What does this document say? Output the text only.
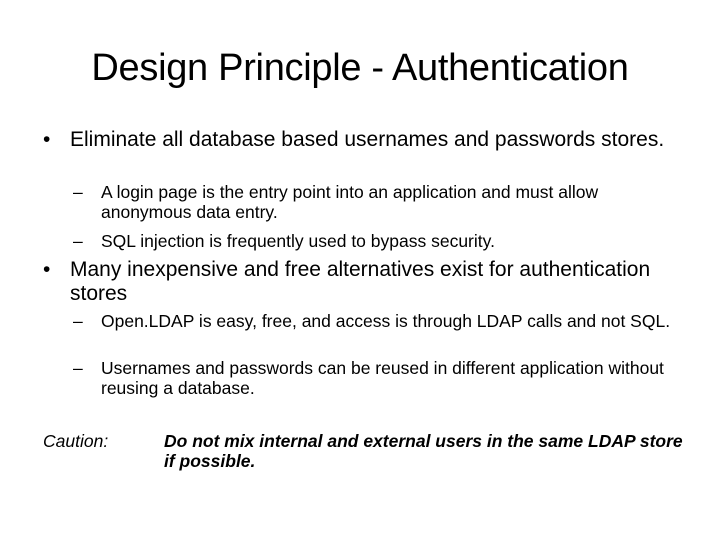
Design Principle - Authentication
• Eliminate all database based usernames and passwords stores.
– A login page is the entry point into an application and must allow anonymous data entry.
– SQL injection is frequently used to bypass security.
• Many inexpensive and free alternatives exist for authentication stores
– Open.LDAP is easy, free, and access is through LDAP calls and not SQL.
– Usernames and passwords can be reused in different application without reusing a database.
Caution:	Do not mix internal and external users in the same LDAP store if possible.
